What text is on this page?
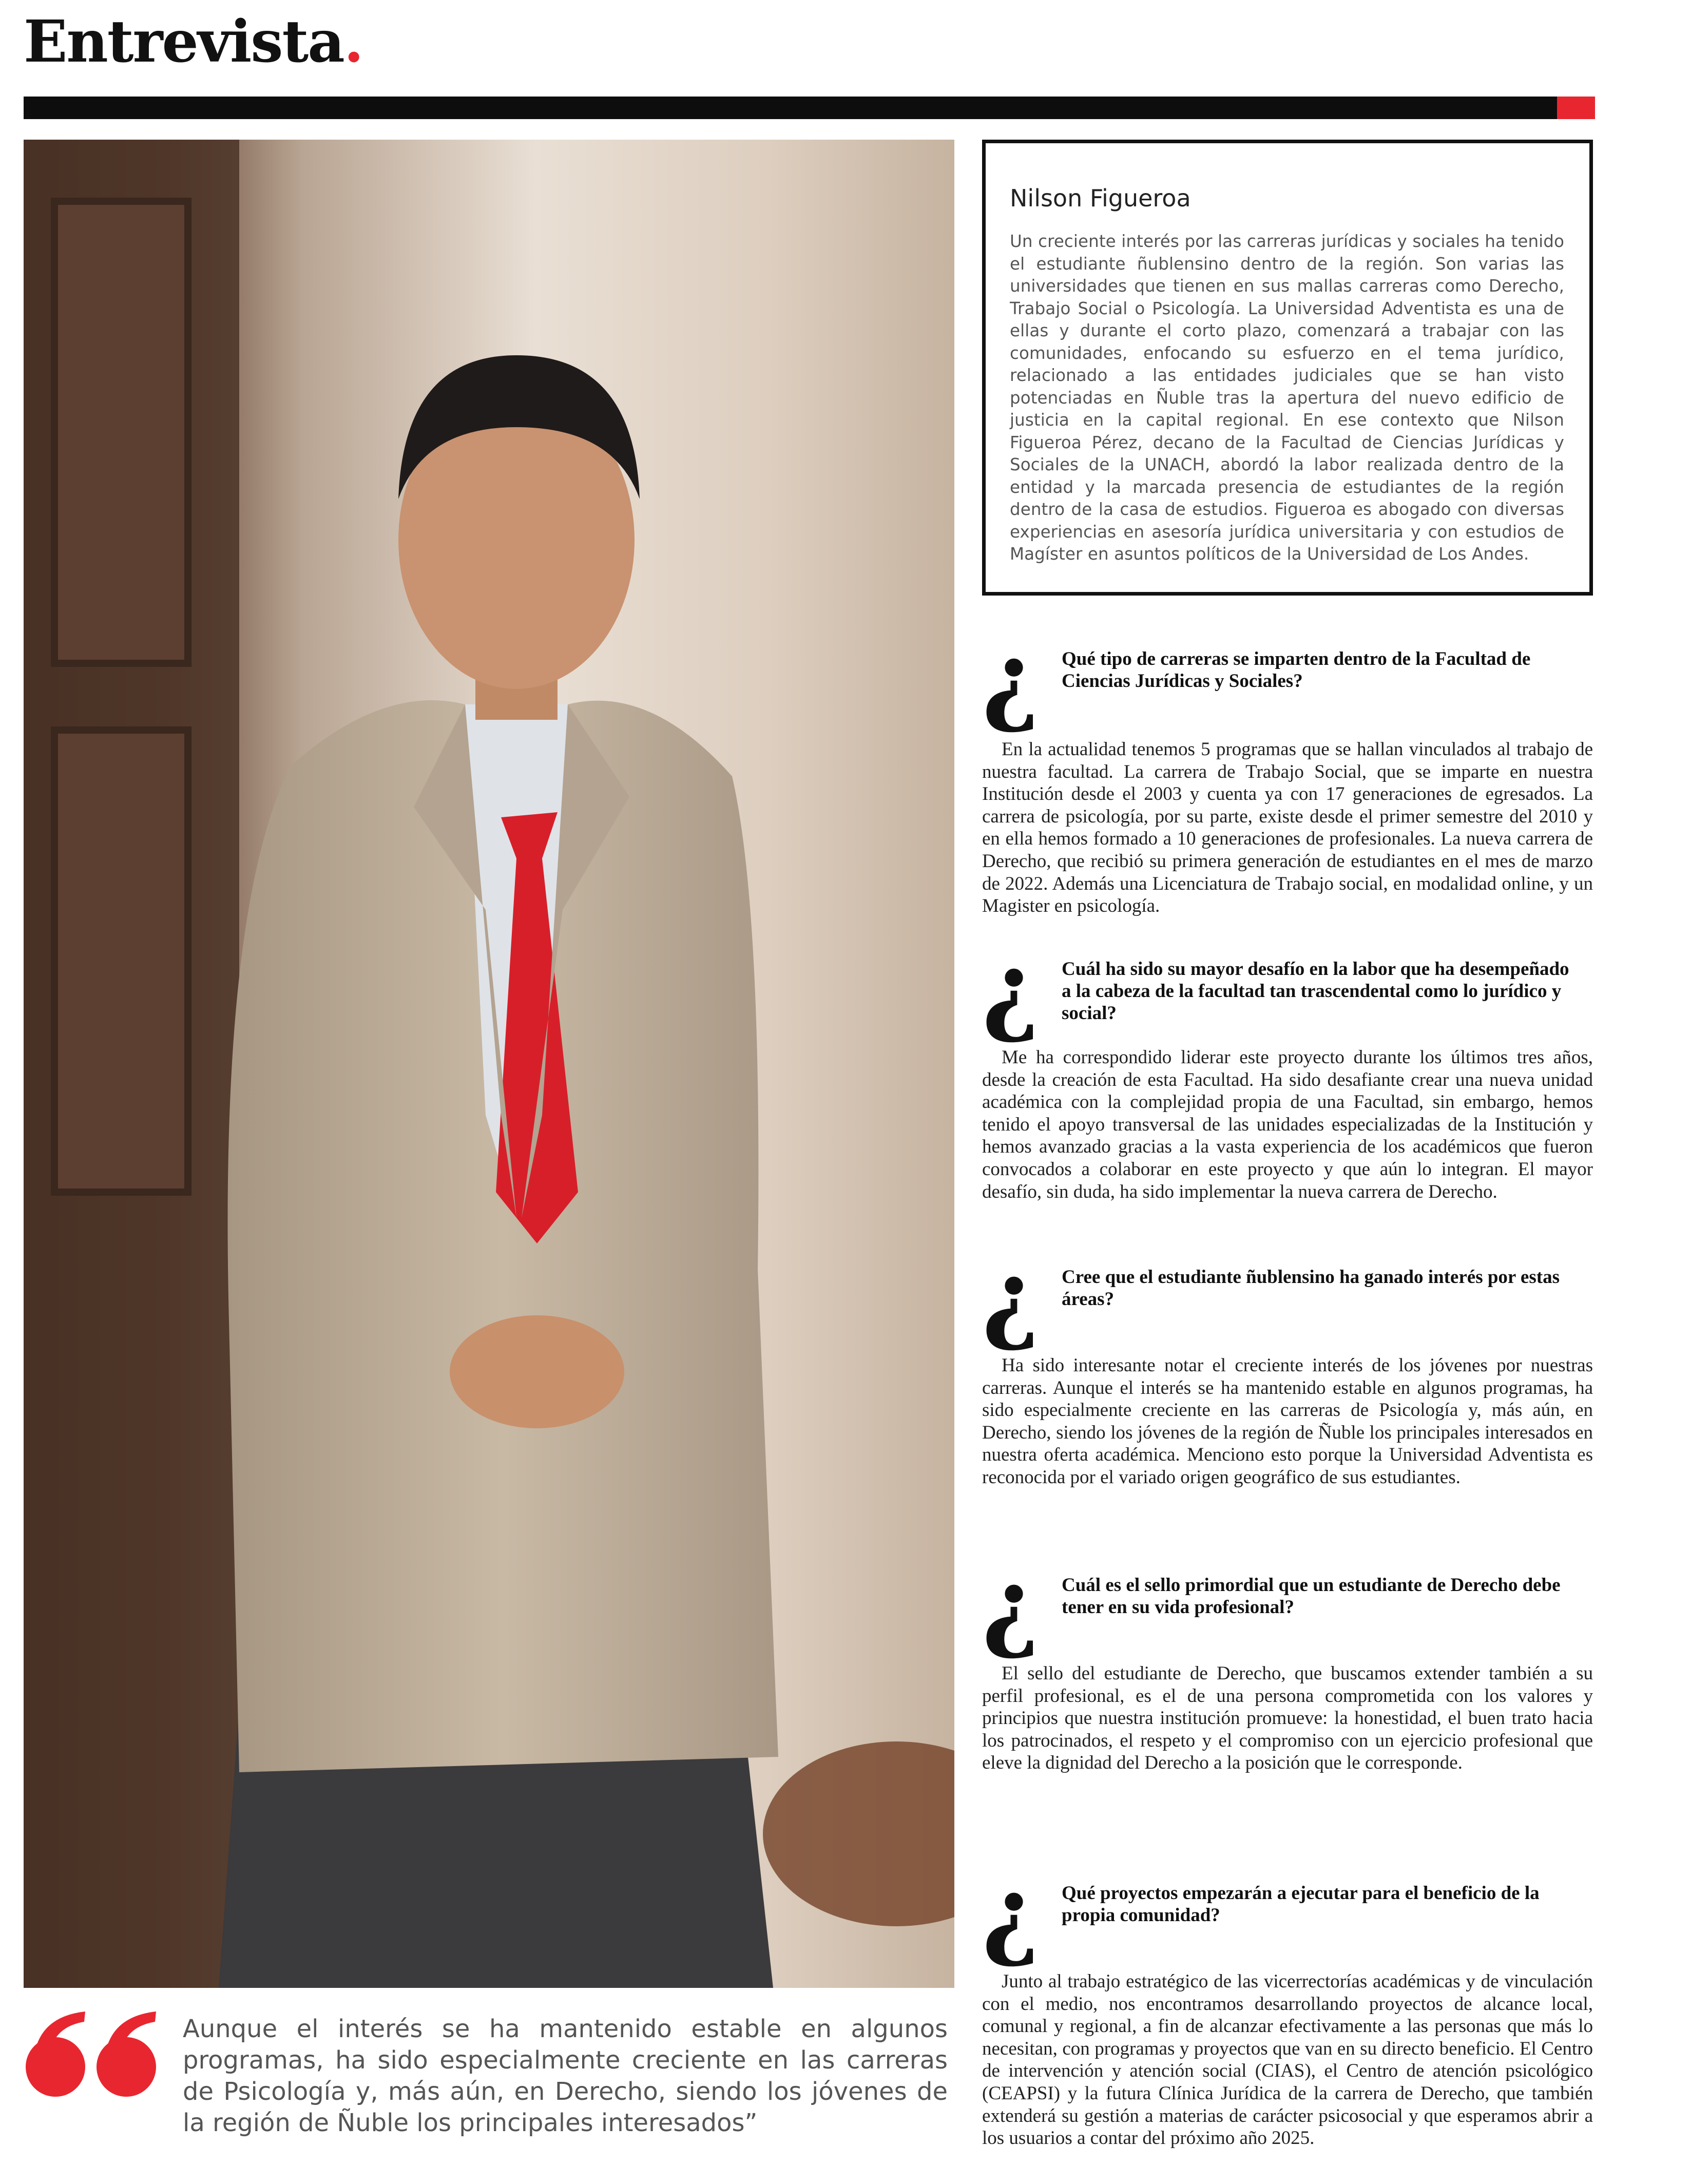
Entrevista.

Aunque el interés se ha mantenido estable en algunos programas, ha sido especialmente creciente en las carreras de Psicología y, más aún, en Derecho, siendo los jóvenes de la región de Ñuble los principales interesados”

Nilson Figueroa

Un creciente interés por las carreras jurídicas y sociales ha tenido el estudiante ñublensino dentro de la región. Son varias las universidades que tienen en sus mallas carreras como Derecho, Trabajo Social o Psicología. La Universidad Adventista es una de ellas y durante el corto plazo, comenzará a trabajar con las comunidades, enfocando su esfuerzo en el tema jurídico, relacionado a las entidades judiciales que se han visto potenciadas en Ñuble tras la apertura del nuevo edificio de justicia en la capital regional. En ese contexto que Nilson Figueroa Pérez, decano de la Facultad de Ciencias Jurídicas y Sociales de la UNACH, abordó la labor realizada dentro de la entidad y la marcada presencia de estudiantes de la región dentro de la casa de estudios. Figueroa es abogado con diversas experiencias en asesoría jurídica universitaria y con estudios de Magíster en asuntos políticos de la Universidad de Los Andes.

¿ Qué tipo de carreras se imparten dentro de la Facultad de Ciencias Jurídicas y Sociales?

En la actualidad tenemos 5 programas que se hallan vinculados al trabajo de nuestra facultad. La carrera de Trabajo Social, que se imparte en nuestra Institución desde el 2003 y cuenta ya con 17 generaciones de egresados. La carrera de psicología, por su parte, existe desde el primer semestre del 2010 y en ella hemos formado a 10 generaciones de profesionales. La nueva carrera de Derecho, que recibió su primera generación de estudiantes en el mes de marzo de 2022. Además una Licenciatura de Trabajo social, en modalidad online, y un Magister en psicología.

¿ Cuál ha sido su mayor desafío en la labor que ha desempeñado a la cabeza de la facultad tan trascendental como lo jurídico y social?

Me ha correspondido liderar este proyecto durante los últimos tres años, desde la creación de esta Facultad. Ha sido desafiante crear una nueva unidad académica con la complejidad propia de una Facultad, sin embargo, hemos tenido el apoyo transversal de las unidades especializadas de la Institución y hemos avanzado gracias a la vasta experiencia de los académicos que fueron convocados a colaborar en este proyecto y que aún lo integran. El mayor desafío, sin duda, ha sido implementar la nueva carrera de Derecho.

¿ Cree que el estudiante ñublensino ha ganado interés por estas áreas?

Ha sido interesante notar el creciente interés de los jóvenes por nuestras carreras. Aunque el interés se ha mantenido estable en algunos programas, ha sido especialmente creciente en las carreras de Psicología y, más aún, en Derecho, siendo los jóvenes de la región de Ñuble los principales interesados en nuestra oferta académica. Menciono esto porque la Universidad Adventista es reconocida por el variado origen geográfico de sus estudiantes.

¿ Cuál es el sello primordial que un estudiante de Derecho debe tener en su vida profesional?

El sello del estudiante de Derecho, que buscamos extender también a su perfil profesional, es el de una persona comprometida con los valores y principios que nuestra institución promueve: la honestidad, el buen trato hacia los patrocinados, el respeto y el compromiso con un ejercicio profesional que eleve la dignidad del Derecho a la posición que le corresponde.

¿ Qué proyectos empezarán a ejecutar para el beneficio de la propia comunidad?

Junto al trabajo estratégico de las vicerrectorías académicas y de vinculación con el medio, nos encontramos desarrollando proyectos de alcance local, comunal y regional, a fin de alcanzar efectivamente a las personas que más lo necesitan, con programas y proyectos que van en su directo beneficio. El Centro de intervención y atención social (CIAS), el Centro de atención psicológico (CEAPSI) y la futura Clínica Jurídica de la carrera de Derecho, que también extenderá su gestión a materias de carácter psicosocial y que esperamos abrir a los usuarios a contar del próximo año 2025.
